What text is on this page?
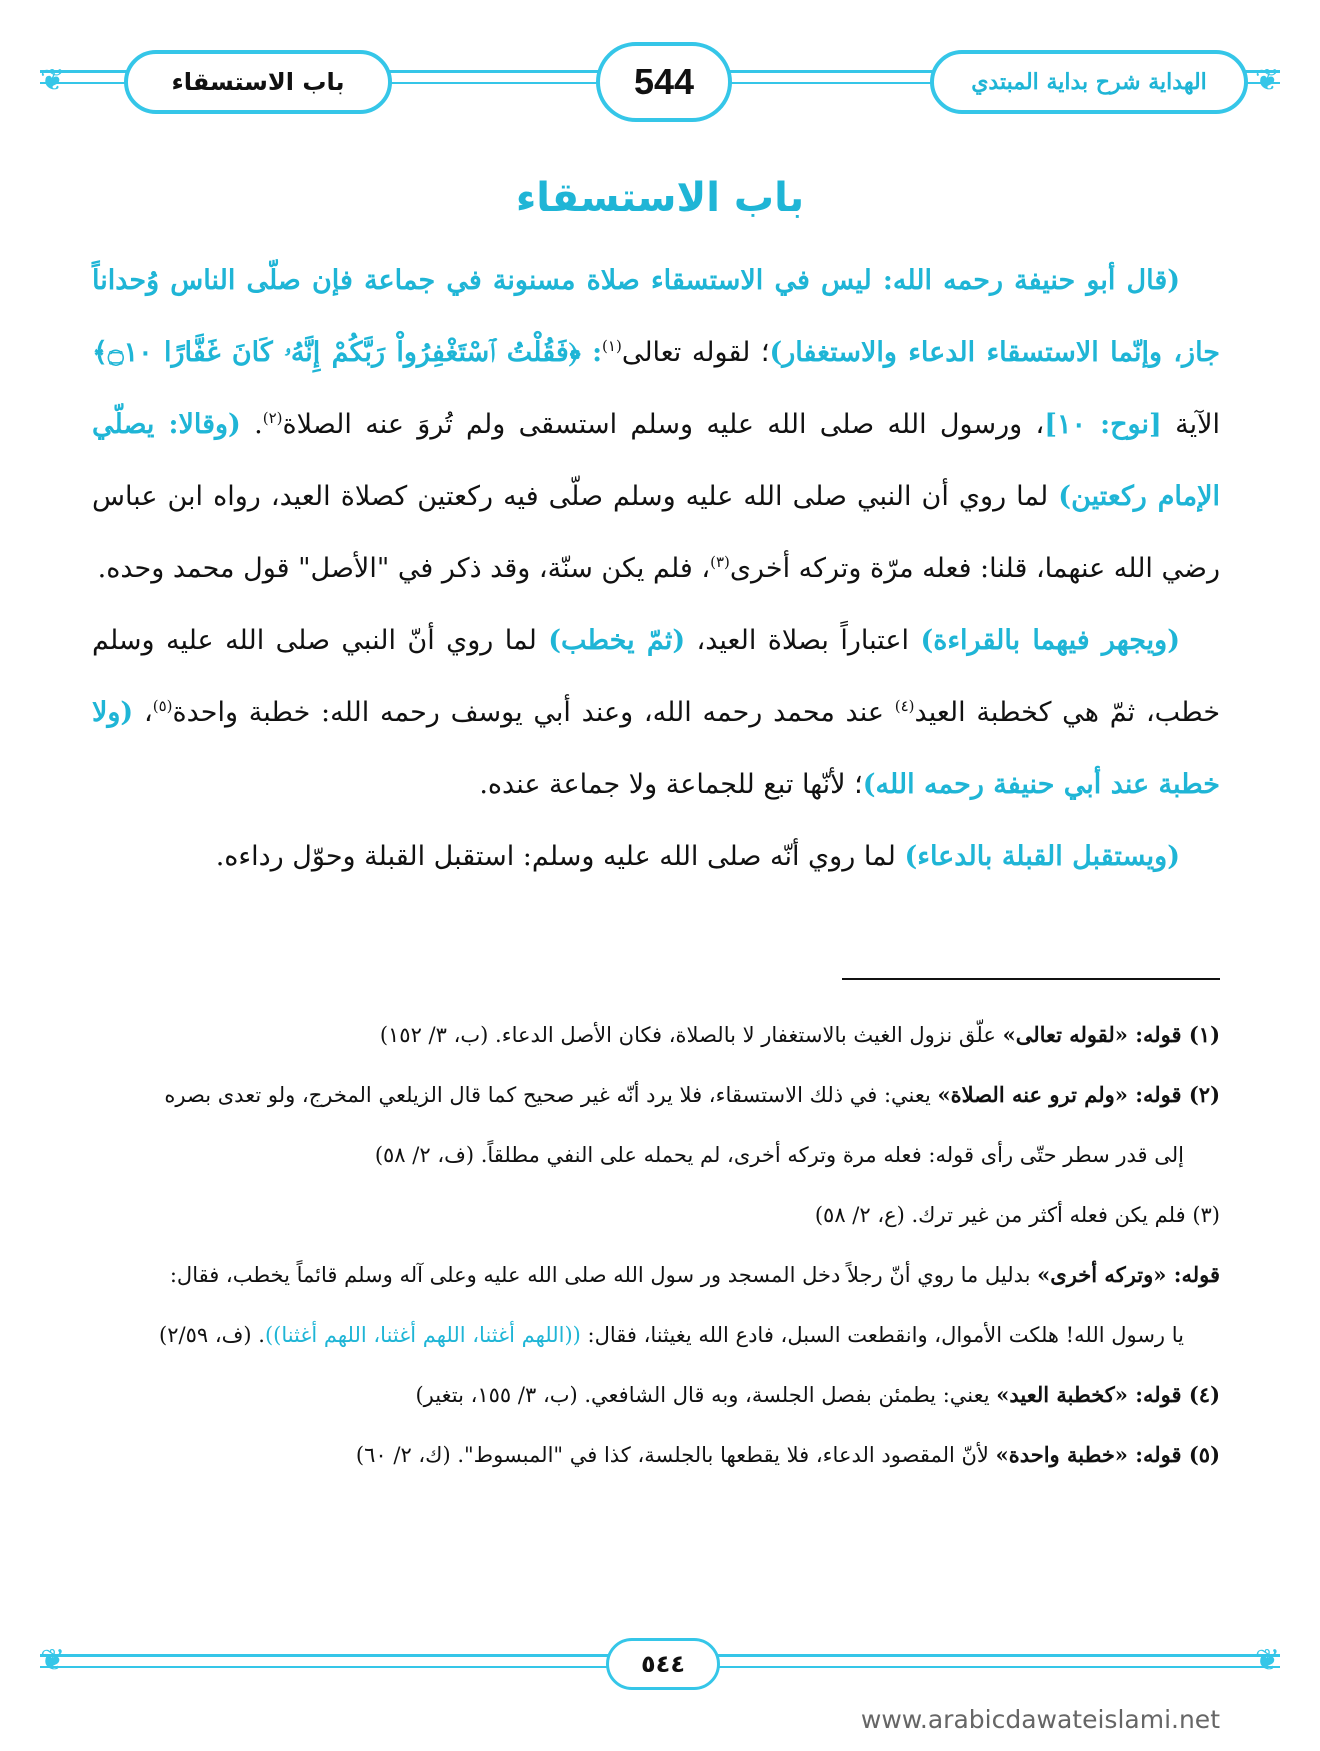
❦	❦
باب الاستسقاء	544	الهداية شرح بداية المبتدي
باب الاستسقاء

(قال أبو حنيفة رحمه الله: ليس في الاستسقاء صلاة مسنونة في جماعة فإن صلّى الناس وُحداناً جاز، وإنّما الاستسقاء الدعاء والاستغفار)؛ لقوله تعالى$^{(١)}$: ﴿فَقُلْتُ ٱسْتَغْفِرُواْ رَبَّكُمْ إِنَّهُۥ كَانَ غَفَّارًا ۝١٠﴾ الآية [نوح: ١٠]، ورسول الله صلى الله عليه وسلم استسقى ولم تُروَ عنه الصلاة$^{(٢)}$. (وقالا: يصلّي الإمام ركعتين) لما روي أن النبي صلى الله عليه وسلم صلّى فيه ركعتين كصلاة العيد، رواه ابن عباس رضي الله عنهما، قلنا: فعله مرّة وتركه أخرى$^{(٣)}$، فلم يكن سنّة، وقد ذكر في "الأصل" قول محمد وحده.

(ويجهر فيهما بالقراءة) اعتباراً بصلاة العيد، (ثمّ يخطب) لما روي أنّ النبي صلى الله عليه وسلم خطب، ثمّ هي كخطبة العيد$^{(٤)}$ عند محمد رحمه الله، وعند أبي يوسف رحمه الله: خطبة واحدة$^{(٥)}$، (ولا خطبة عند أبي حنيفة رحمه الله)؛ لأنّها تبع للجماعة ولا جماعة عنده.

(ويستقبل القبلة بالدعاء) لما روي أنّه صلى الله عليه وسلم: استقبل القبلة وحوّل رداءه.

(١) قوله: «لقوله تعالى» علّق نزول الغيث بالاستغفار لا بالصلاة، فكان الأصل الدعاء. (ب، ٣/ ١٥٢)

(٢) قوله: «ولم ترو عنه الصلاة» يعني: في ذلك الاستسقاء، فلا يرد أنّه غير صحيح كما قال الزيلعي المخرج، ولو تعدى بصره

إلى قدر سطر حتّى رأى قوله: فعله مرة وتركه أخرى، لم يحمله على النفي مطلقاً. (ف، ٢/ ٥٨)

(٣) فلم يكن فعله أكثر من غير ترك. (ع، ٢/ ٥٨)

قوله: «وتركه أخرى» بدليل ما روي أنّ رجلاً دخل المسجد ور سول الله صلى الله عليه وعلى آله وسلم قائماً يخطب، فقال:

يا رسول الله! هلكت الأموال، وانقطعت السبل، فادع الله يغيثنا، فقال: ((اللهم أغثنا، اللهم أغثنا، اللهم أغثنا)). (ف، ٢/٥٩)

(٤) قوله: «كخطبة العيد» يعني: يطمئن بفصل الجلسة، وبه قال الشافعي. (ب، ٣/ ١٥٥، بتغير)

(٥) قوله: «خطبة واحدة» لأنّ المقصود الدعاء، فلا يقطعها بالجلسة، كذا في "المبسوط". (ك، ٢/ ٦٠)

❦	❦
٥٤٤
www.arabicdawateislami.net
